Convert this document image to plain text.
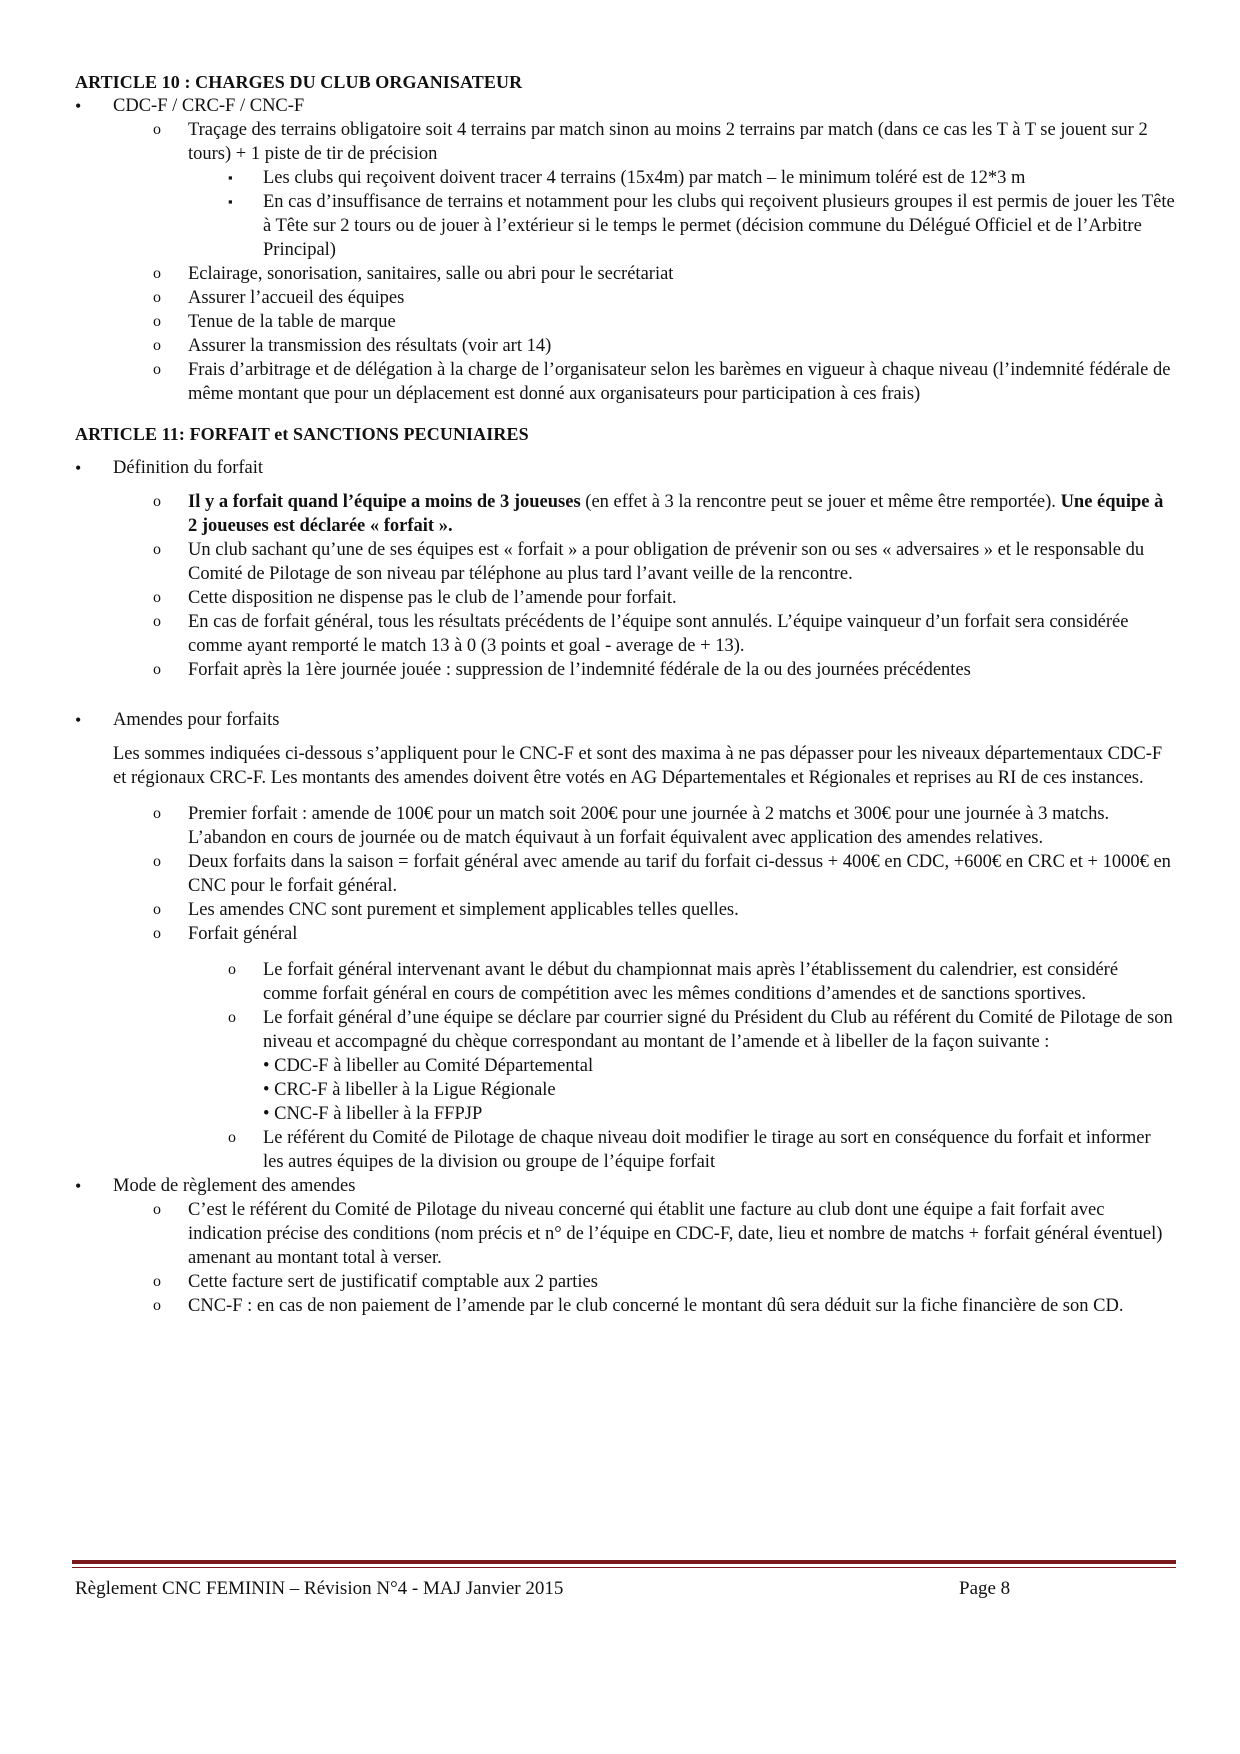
ARTICLE 10 : CHARGES DU CLUB ORGANISATEUR
• CDC-F / CRC-F / CNC-F
o Traçage des terrains obligatoire soit 4 terrains par match sinon au moins 2 terrains par match (dans ce cas les T à T se jouent sur 2 tours) + 1 piste de tir de précision
▪ Les clubs qui reçoivent doivent tracer 4 terrains (15x4m) par match – le minimum toléré est de 12*3 m
▪ En cas d’insuffisance de terrains et notamment pour les clubs qui reçoivent plusieurs groupes il est permis de jouer les Tête à Tête sur 2 tours ou de jouer à l’extérieur si le temps le permet (décision commune du Délégué Officiel et de l’Arbitre Principal)
o Eclairage, sonorisation, sanitaires, salle ou abri pour le secrétariat
o Assurer l’accueil des équipes
o Tenue de la table de marque
o Assurer la transmission des résultats (voir art 14)
o Frais d’arbitrage et de délégation à la charge de l’organisateur selon les barèmes en vigueur à chaque niveau (l’indemnité fédérale de même montant que pour un déplacement est donné aux organisateurs pour participation à ces frais)
ARTICLE 11: FORFAIT et SANCTIONS PECUNIAIRES
• Définition du forfait
o Il y a forfait quand l’équipe a moins de 3 joueuses (en effet à 3 la rencontre peut se jouer et même être remportée). Une équipe à 2 joueuses est déclarée « forfait ».
o Un club sachant qu’une de ses équipes est « forfait » a pour obligation de prévenir son ou ses « adversaires » et le responsable du Comité de Pilotage de son niveau par téléphone au plus tard l’avant veille de la rencontre.
o Cette disposition ne dispense pas le club de l’amende pour forfait.
o En cas de forfait général, tous les résultats précédents de l’équipe sont annulés. L’équipe vainqueur d’un forfait sera considérée comme ayant remporté le match 13 à 0 (3 points et goal - average de + 13).
o Forfait après la 1ère journée jouée : suppression de l’indemnité fédérale de la ou des journées précédentes
• Amendes pour forfaits
Les sommes indiquées ci-dessous s’appliquent pour le CNC-F et sont des maxima à ne pas dépasser pour les niveaux départementaux CDC-F et régionaux CRC-F. Les montants des amendes doivent être votés en AG Départementales et Régionales et reprises au RI de ces instances.
o Premier forfait : amende de 100€ pour un match soit 200€ pour une journée à 2 matchs et 300€ pour une journée à 3 matchs. L’abandon en cours de journée ou de match équivaut à un forfait équivalent avec application des amendes relatives.
o Deux forfaits dans la saison = forfait général avec amende au tarif du forfait ci-dessus + 400€ en CDC, +600€ en CRC et + 1000€ en CNC pour le forfait général.
o Les amendes CNC sont purement et simplement applicables telles quelles.
o Forfait général
o Le forfait général intervenant avant le début du championnat mais après l’établissement du calendrier, est considéré comme forfait général en cours de compétition avec les mêmes conditions d’amendes et de sanctions sportives.
o Le forfait général d’une équipe se déclare par courrier signé du Président du Club au référent du Comité de Pilotage de son niveau et accompagné du chèque correspondant au montant de l’amende et à libeller de la façon suivante :
• CDC-F à libeller au Comité Départemental
• CRC-F à libeller à la Ligue Régionale
• CNC-F à libeller à la FFPJP
o Le référent du Comité de Pilotage de chaque niveau doit modifier le tirage au sort en conséquence du forfait et informer les autres équipes de la division ou groupe de l’équipe forfait
• Mode de règlement des amendes
o C’est le référent du Comité de Pilotage du niveau concerné qui établit une facture au club dont une équipe a fait forfait avec indication précise des conditions (nom précis et n° de l’équipe en CDC-F, date, lieu et nombre de matchs + forfait général éventuel) amenant au montant total à verser.
o Cette facture sert de justificatif comptable aux 2 parties
o CNC-F : en cas de non paiement de l’amende par le club concerné le montant dû sera déduit sur la fiche financière de son CD.
Règlement CNC FEMININ – Révision N°4 - MAJ Janvier 2015	Page 8
